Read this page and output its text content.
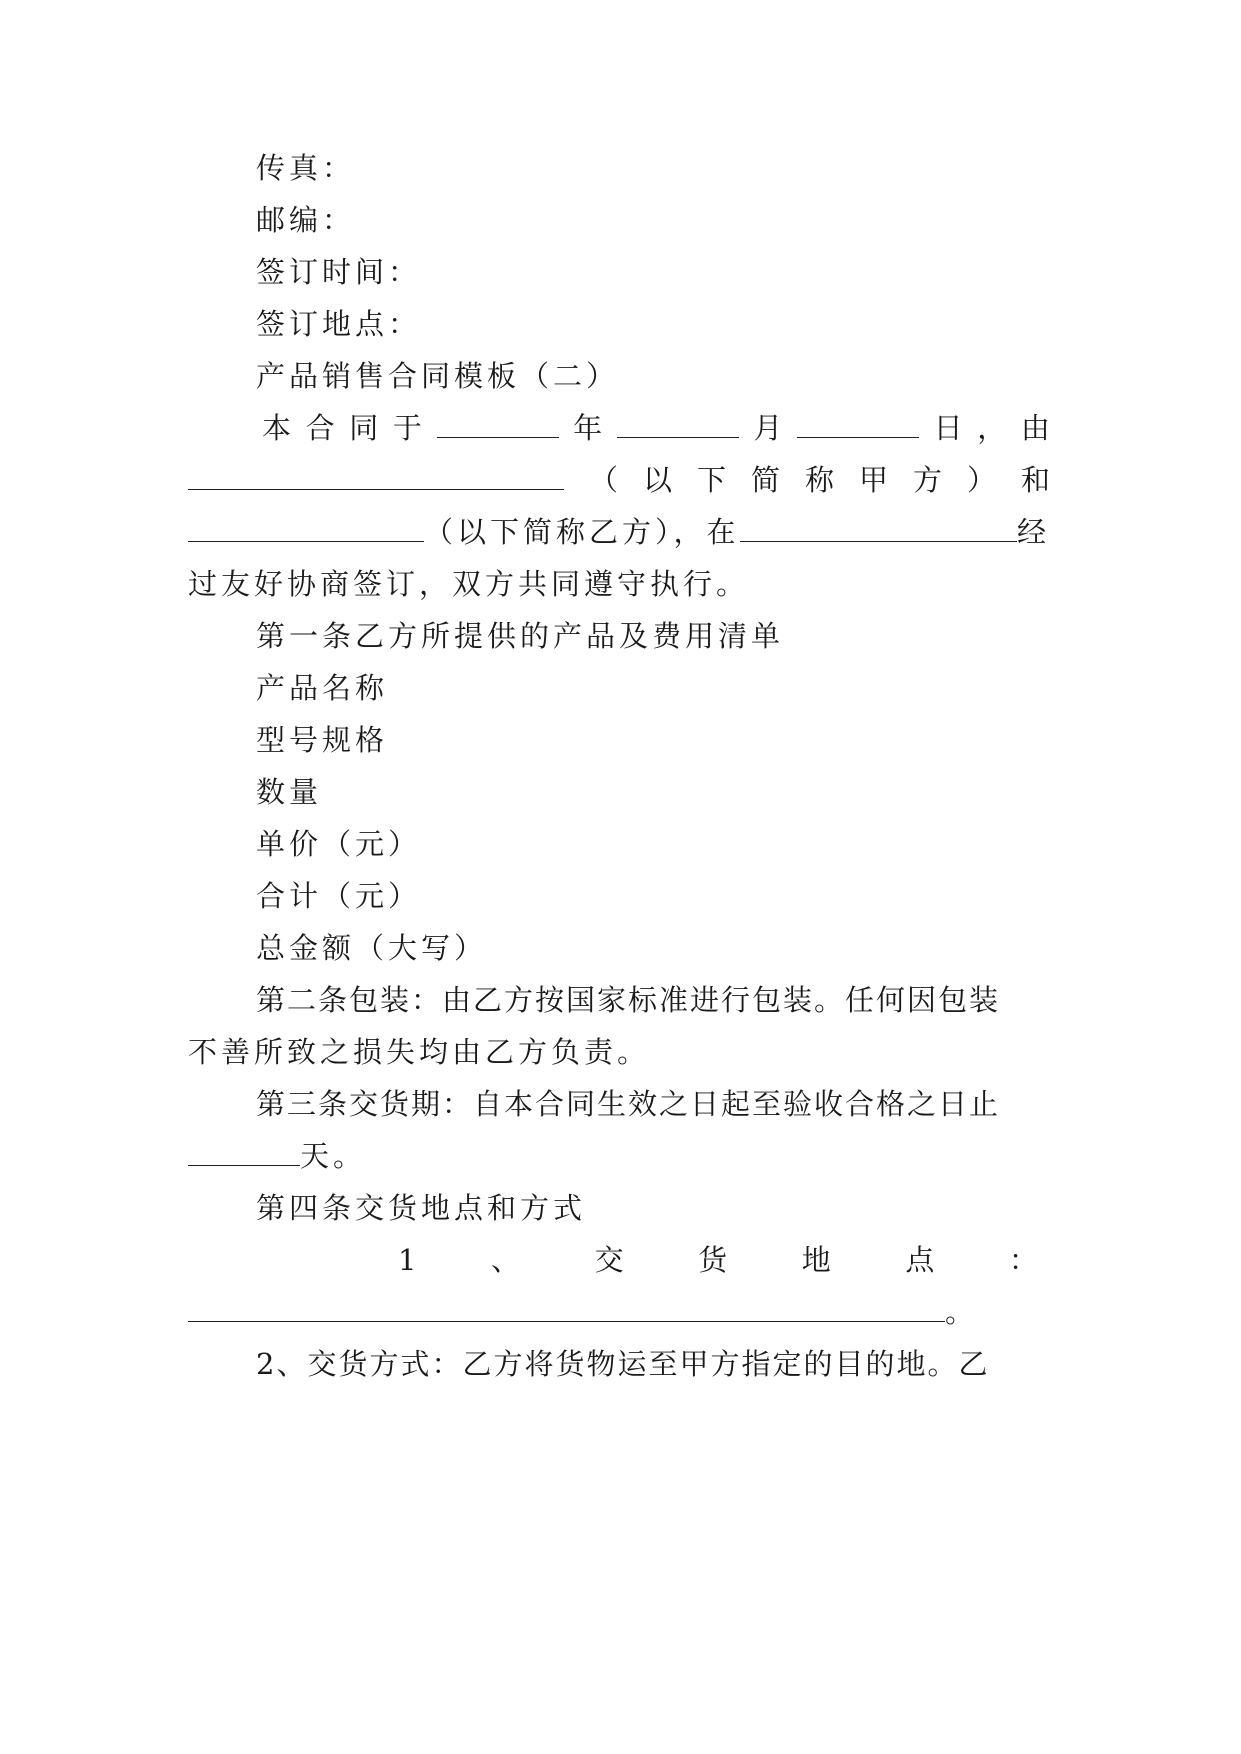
传真：
邮编：
签订时间：
签订地点：
产品销售合同模板（二）
本 合 同 于	年	月	日 ， 由
（ 以 下 简 称 甲 方 ） 和
（以下简称乙方），在	经
过友好协商签订，双方共同遵守执行。
第一条乙方所提供的产品及费用清单
产品名称
型号规格
数量
单价（元）
合计（元）
总金额（大写）
第二条包装：由乙方按国家标准进行包装。任何因包装
不善所致之损失均由乙方负责。
第三条交货期：自本合同生效之日起至验收合格之日止
天。
第四条交货地点和方式
1	、	交	货	地	点	：
。
2、交货方式：乙方将货物运至甲方指定的目的地。乙
